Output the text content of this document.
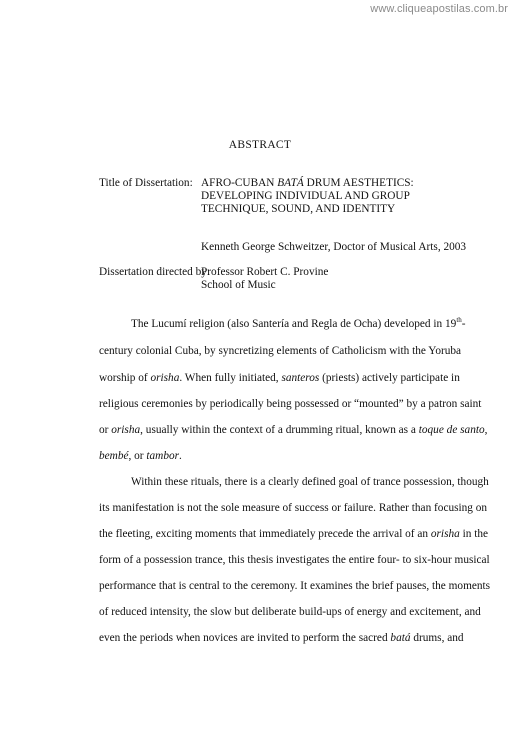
www.cliqueapostilas.com.br
ABSTRACT
Title of Dissertation: AFRO-CUBAN BATÁ DRUM AESTHETICS:
DEVELOPING INDIVIDUAL AND GROUP
TECHNIQUE, SOUND, AND IDENTITY
Kenneth George Schweitzer, Doctor of Musical Arts, 2003
Dissertation directed by:
Professor Robert C. Provine
School of Music
The Lucumí religion (also Santería and Regla de Ocha) developed in 19th-
century colonial Cuba, by syncretizing elements of Catholicism with the Yoruba
worship of orisha. When fully initiated, santeros (priests) actively participate in
religious ceremonies by periodically being possessed or “mounted” by a patron saint
or orisha, usually within the context of a drumming ritual, known as a toque de santo,
bembé, or tambor.
Within these rituals, there is a clearly defined goal of trance possession, though
its manifestation is not the sole measure of success or failure. Rather than focusing on
the fleeting, exciting moments that immediately precede the arrival of an orisha in the
form of a possession trance, this thesis investigates the entire four- to six-hour musical
performance that is central to the ceremony. It examines the brief pauses, the moments
of reduced intensity, the slow but deliberate build-ups of energy and excitement, and
even the periods when novices are invited to perform the sacred batá drums, and
